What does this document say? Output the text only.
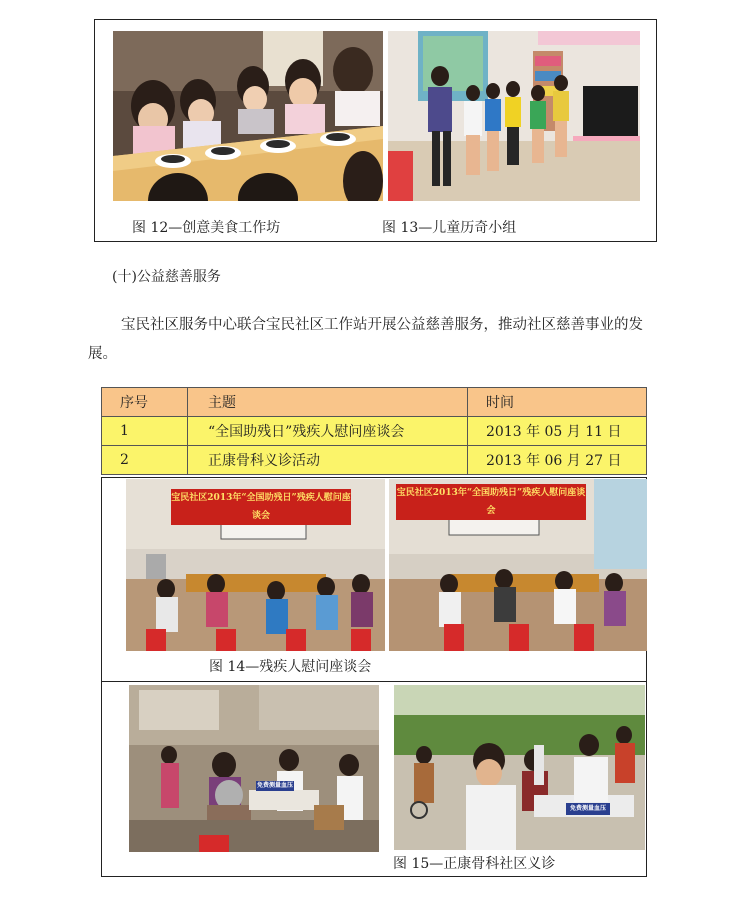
图 12—创意美食工作坊	图 13—儿童历奇小组
(十)公益慈善服务
宝民社区服务中心联合宝民社区工作站开展公益慈善服务，推动社区慈善事业的发展。
序号	主题	时间
1	“全国助残日”残疾人慰问座谈会	2013 年 05 月 11 日
2	正康骨科义诊活动	2013 年 06 月 27 日
宝民社区2013年“全国助残日”残疾人慰问座谈会
宝民社区2013年“全国助残日”残疾人慰问座谈会
图 14—残疾人慰问座谈会
免费测量血压
免费测量血压
图 15—正康骨科社区义诊
